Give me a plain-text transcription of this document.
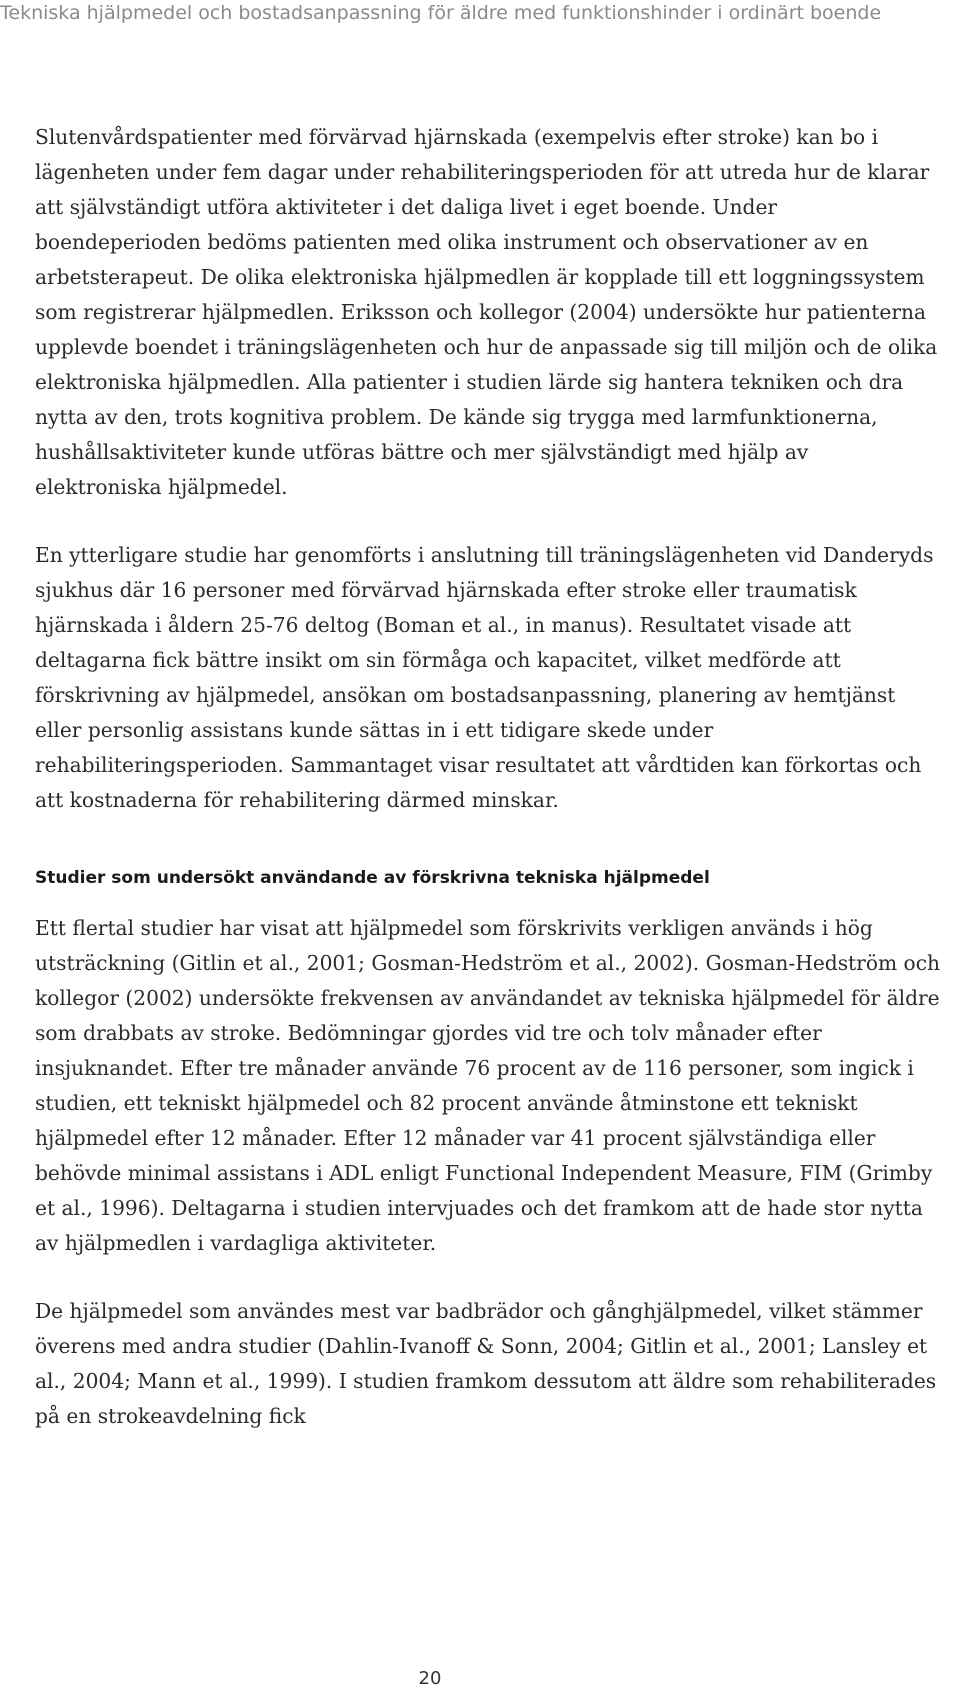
Tekniska hjälpmedel och bostadsanpassning för äldre med funktionshinder i ordinärt boende

Slutenvårdspatienter med förvärvad hjärnskada (exempelvis efter stroke) kan bo i lägenheten under fem dagar under rehabiliteringsperioden för att utreda hur de klarar att självständigt utföra aktiviteter i det daliga livet i eget boende. Under boendeperioden bedöms patienten med olika instrument och observationer av en arbetsterapeut. De olika elektroniska hjälpmedlen är kopplade till ett loggningssystem som registrerar hjälpmedlen. Eriksson och kollegor (2004) undersökte hur patienterna upplevde boendet i träningslägenheten och hur de anpassade sig till miljön och de olika elektroniska hjälpmedlen. Alla patienter i studien lärde sig hantera tekniken och dra nytta av den, trots kognitiva problem. De kände sig trygga med larmfunktionerna, hushållsaktiviteter kunde utföras bättre och mer självständigt med hjälp av elektroniska hjälpmedel.

En ytterligare studie har genomförts i anslutning till träningslägenheten vid Danderyds sjukhus där 16 personer med förvärvad hjärnskada efter stroke eller traumatisk hjärnskada i åldern 25-76 deltog (Boman et al., in manus). Resultatet visade att deltagarna fick bättre insikt om sin förmåga och kapacitet, vilket medförde att förskrivning av hjälpmedel, ansökan om bostadsanpassning, planering av hemtjänst eller personlig assistans kunde sättas in i ett tidigare skede under rehabiliteringsperioden. Sammantaget visar resultatet att vårdtiden kan förkortas och att kostnaderna för rehabilitering därmed minskar.

Studier som undersökt användande av förskrivna tekniska hjälpmedel

Ett flertal studier har visat att hjälpmedel som förskrivits verkligen används i hög utsträckning (Gitlin et al., 2001; Gosman-Hedström et al., 2002). Gosman-Hedström och kollegor (2002) undersökte frekvensen av användandet av tekniska hjälpmedel för äldre som drabbats av stroke. Bedömningar gjordes vid tre och tolv månader efter insjuknandet. Efter tre månader använde 76 procent av de 116 personer, som ingick i studien, ett tekniskt hjälpmedel och 82 procent använde åtminstone ett tekniskt hjälpmedel efter 12 månader. Efter 12 månader var 41 procent självständiga eller behövde minimal assistans i ADL enligt Functional Independent Measure, FIM (Grimby et al., 1996). Deltagarna i studien intervjuades och det framkom att de hade stor nytta av hjälpmedlen i vardagliga aktiviteter.

De hjälpmedel som användes mest var badbrädor och gånghjälpmedel, vilket stämmer överens med andra studier (Dahlin-Ivanoff & Sonn, 2004; Gitlin et al., 2001; Lansley et al., 2004; Mann et al., 1999). I studien framkom dessutom att äldre som rehabiliterades på en strokeavdelning fick

20
